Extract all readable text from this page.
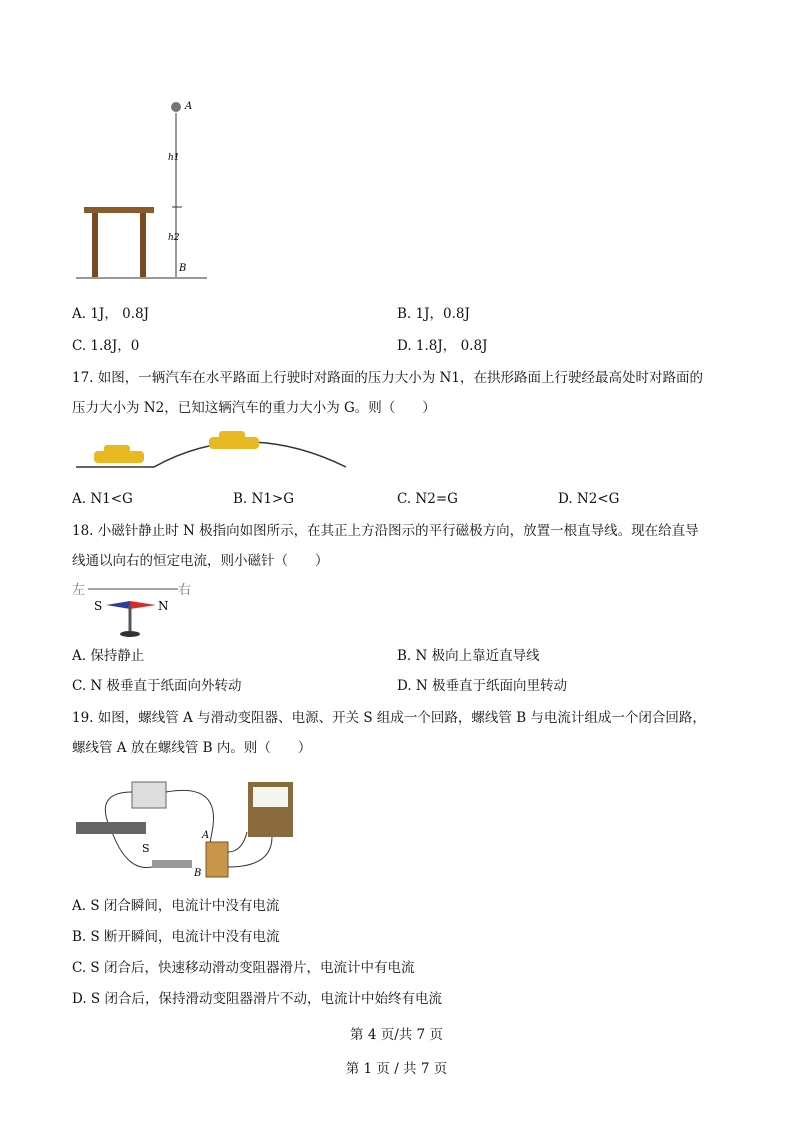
A
h1
h2
B
A. 1J， 0.8J	B. 1J，0.8J
C. 1.8J，0	D. 1.8J， 0.8J
17. 如图，一辆汽车在水平路面上行驶时对路面的压力大小为 N1，在拱形路面上行驶经最高处时对路面的
压力大小为 N2，已知这辆汽车的重力大小为 G。则（　　）
A. N1<G	B. N1>G	C. N2=G	D. N2<G
18. 小磁针静止时 N 极指向如图所示，在其正上方沿图示的平行磁极方向，放置一根直导线。现在给直导
线通以向右的恒定电流，则小磁针（　　）
左	右
S	N
A. 保持静止	B. N 极向上靠近直导线
C. N 极垂直于纸面向外转动	D. N 极垂直于纸面向里转动
19. 如图，螺线管 A 与滑动变阻器、电源、开关 S 组成一个回路，螺线管 B 与电流计组成一个闭合回路，
螺线管 A 放在螺线管 B 内。则（　　）
S
A
B
A. S 闭合瞬间，电流计中没有电流
B. S 断开瞬间，电流计中没有电流
C. S 闭合后，快速移动滑动变阻器滑片，电流计中有电流
D. S 闭合后，保持滑动变阻器滑片不动，电流计中始终有电流
第 4 页/共 7 页
第 1 页 / 共 7 页
